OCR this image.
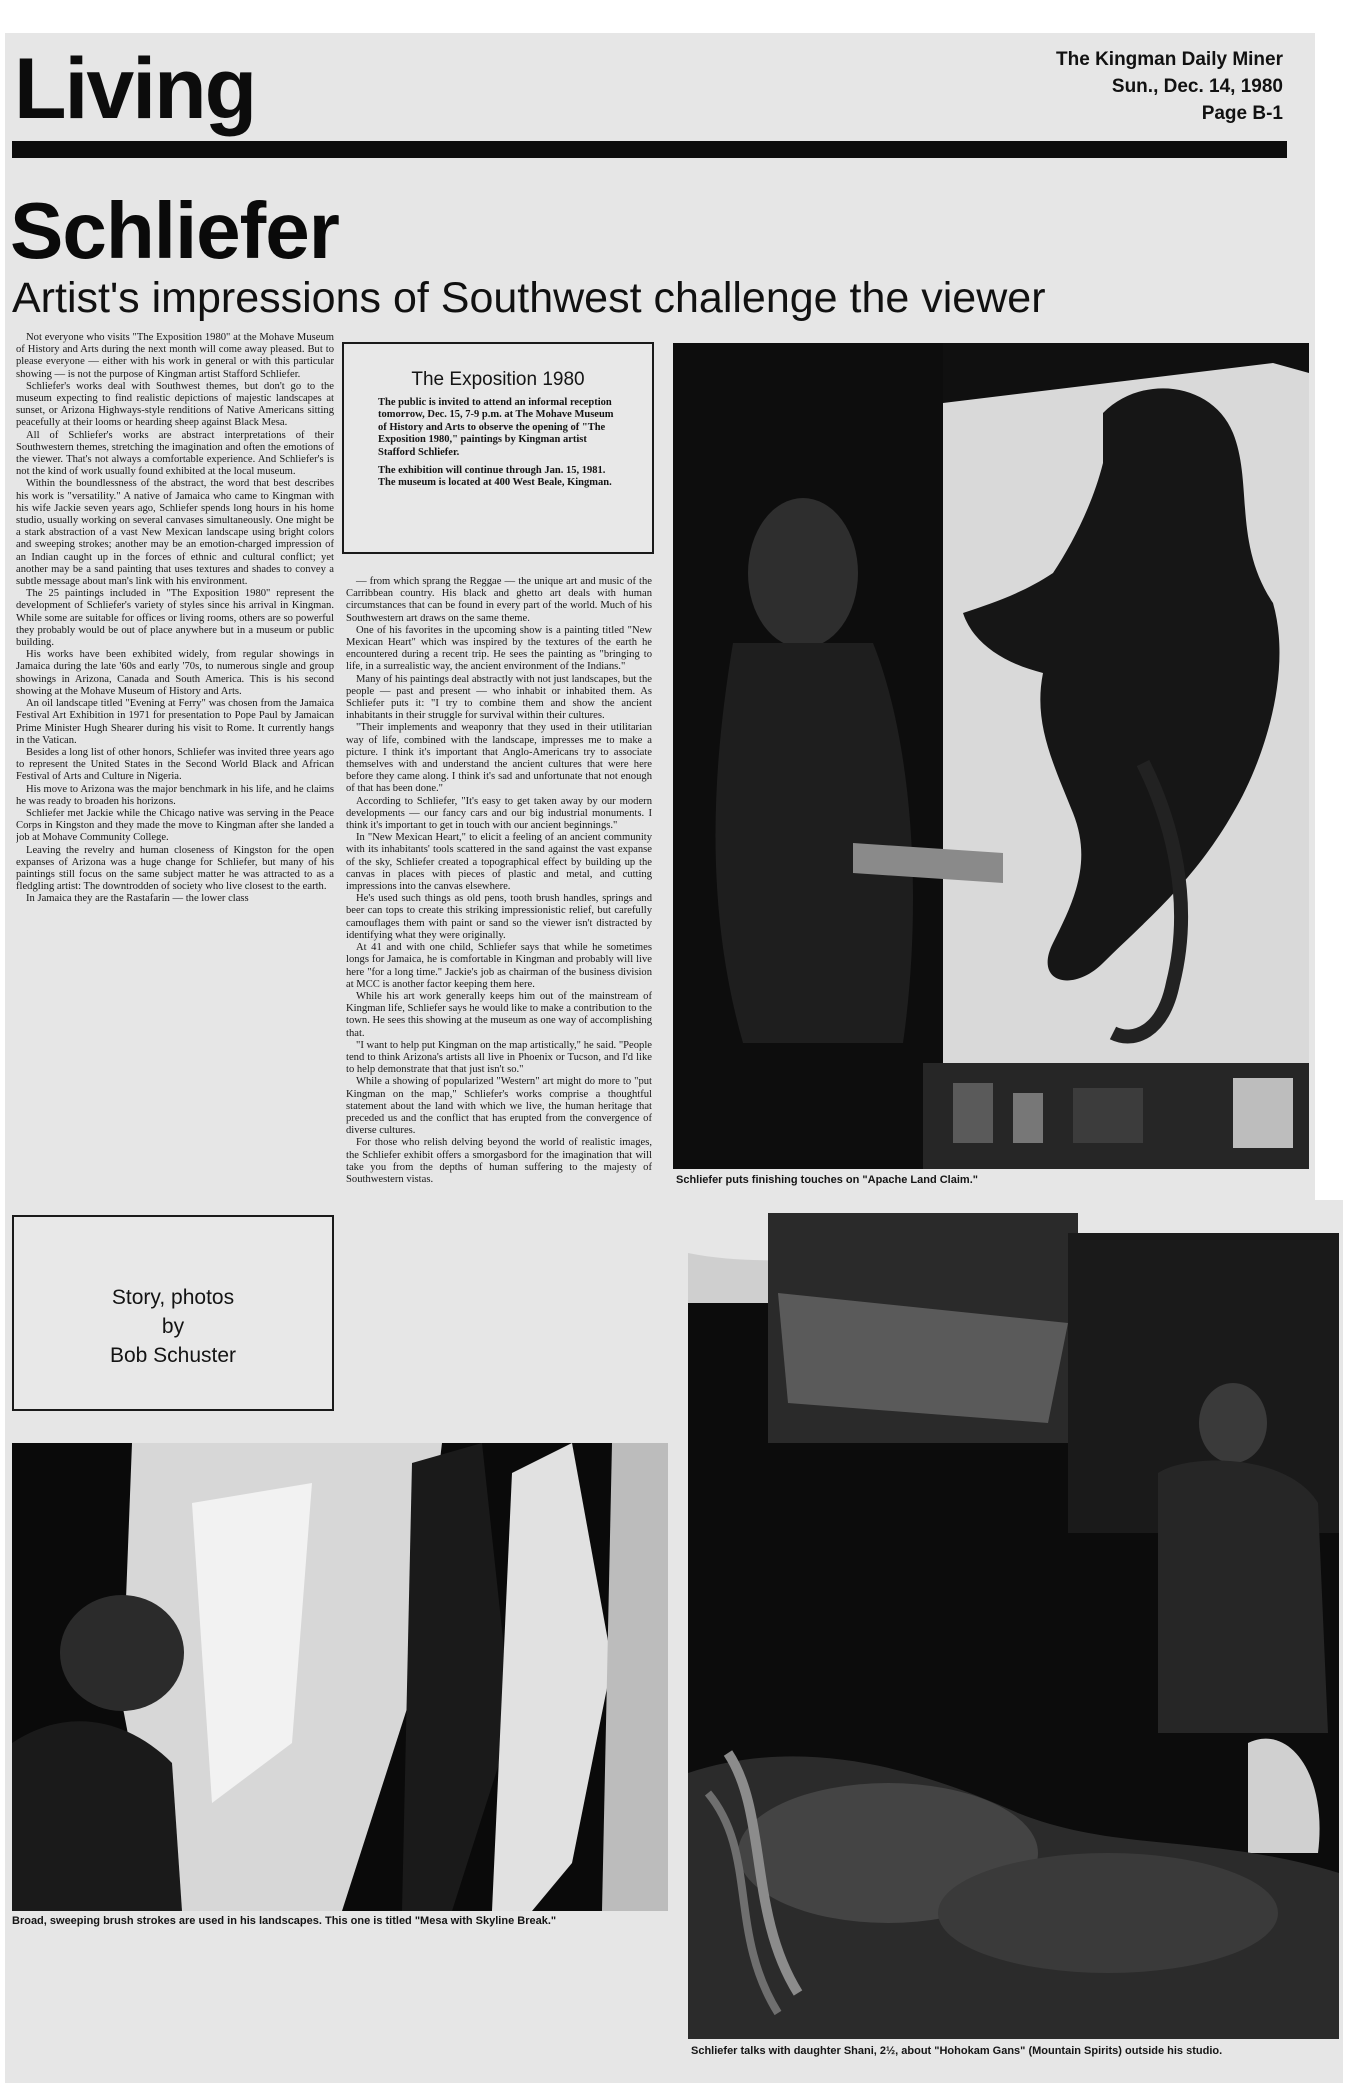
Living	The Kingman Daily Miner
Sun., Dec. 14, 1980
Page B-1
Schliefer
Artist's impressions of Southwest challenge the viewer

Not everyone who visits "The Exposition 1980" at the Mohave Museum of History and Arts during the next month will come away pleased. But to please everyone — either with his work in general or with this particular showing — is not the purpose of Kingman artist Stafford Schliefer.

Schliefer's works deal with Southwest themes, but don't go to the museum expecting to find realistic depictions of majestic landscapes at sunset, or Arizona Highways-style renditions of Native Americans sitting peacefully at their looms or hearding sheep against Black Mesa.

All of Schliefer's works are abstract interpretations of their Southwestern themes, stretching the imagination and often the emotions of the viewer. That's not always a comfortable experience. And Schliefer's is not the kind of work usually found exhibited at the local museum.

Within the boundlessness of the abstract, the word that best describes his work is "versatility." A native of Jamaica who came to Kingman with his wife Jackie seven years ago, Schliefer spends long hours in his home studio, usually working on several canvases simultaneously. One might be a stark abstraction of a vast New Mexican landscape using bright colors and sweeping strokes; another may be an emotion-charged impression of an Indian caught up in the forces of ethnic and cultural conflict; yet another may be a sand painting that uses textures and shades to convey a subtle message about man's link with his environment.

The 25 paintings included in "The Exposition 1980" represent the development of Schliefer's variety of styles since his arrival in Kingman. While some are suitable for offices or living rooms, others are so powerful they probably would be out of place anywhere but in a museum or public building.

His works have been exhibited widely, from regular showings in Jamaica during the late '60s and early '70s, to numerous single and group showings in Arizona, Canada and South America. This is his second showing at the Mohave Museum of History and Arts.

An oil landscape titled "Evening at Ferry" was chosen from the Jamaica Festival Art Exhibition in 1971 for presentation to Pope Paul by Jamaican Prime Minister Hugh Shearer during his visit to Rome. It currently hangs in the Vatican.

Besides a long list of other honors, Schliefer was invited three years ago to represent the United States in the Second World Black and African Festival of Arts and Culture in Nigeria.

His move to Arizona was the major benchmark in his life, and he claims he was ready to broaden his horizons.

Schliefer met Jackie while the Chicago native was serving in the Peace Corps in Kingston and they made the move to Kingman after she landed a job at Mohave Community College.

Leaving the revelry and human closeness of Kingston for the open expanses of Arizona was a huge change for Schliefer, but many of his paintings still focus on the same subject matter he was attracted to as a fledgling artist: The downtrodden of society who live closest to the earth.

In Jamaica they are the Rastafarin — the lower class

The Exposition 1980

The public is invited to attend an informal reception tomorrow, Dec. 15, 7-9 p.m. at The Mohave Museum of History and Arts to observe the opening of "The Exposition 1980," paintings by Kingman artist Stafford Schliefer.

The exhibition will continue through Jan. 15, 1981. The museum is located at 400 West Beale, Kingman.

— from which sprang the Reggae — the unique art and music of the Carribbean country. His black and ghetto art deals with human circumstances that can be found in every part of the world. Much of his Southwestern art draws on the same theme.

One of his favorites in the upcoming show is a painting titled "New Mexican Heart" which was inspired by the textures of the earth he encountered during a recent trip. He sees the painting as "bringing to life, in a surrealistic way, the ancient environment of the Indians."

Many of his paintings deal abstractly with not just landscapes, but the people — past and present — who inhabit or inhabited them. As Schliefer puts it: "I try to combine them and show the ancient inhabitants in their struggle for survival within their cultures.

"Their implements and weaponry that they used in their utilitarian way of life, combined with the landscape, impresses me to make a picture. I think it's important that Anglo-Americans try to associate themselves with and understand the ancient cultures that were here before they came along. I think it's sad and unfortunate that not enough of that has been done."

According to Schliefer, "It's easy to get taken away by our modern developments — our fancy cars and our big industrial monuments. I think it's important to get in touch with our ancient beginnings."

In "New Mexican Heart," to elicit a feeling of an ancient community with its inhabitants' tools scattered in the sand against the vast expanse of the sky, Schliefer created a topographical effect by building up the canvas in places with pieces of plastic and metal, and cutting impressions into the canvas elsewhere.

He's used such things as old pens, tooth brush handles, springs and beer can tops to create this striking impressionistic relief, but carefully camouflages them with paint or sand so the viewer isn't distracted by identifying what they were originally.

At 41 and with one child, Schliefer says that while he sometimes longs for Jamaica, he is comfortable in Kingman and probably will live here "for a long time." Jackie's job as chairman of the business division at MCC is another factor keeping them here.

While his art work generally keeps him out of the mainstream of Kingman life, Schliefer says he would like to make a contribution to the town. He sees this showing at the museum as one way of accomplishing that.

"I want to help put Kingman on the map artistically," he said. "People tend to think Arizona's artists all live in Phoenix or Tucson, and I'd like to help demonstrate that that just isn't so."

While a showing of popularized "Western" art might do more to "put Kingman on the map," Schliefer's works comprise a thoughtful statement about the land with which we live, the human heritage that preceded us and the conflict that has erupted from the convergence of diverse cultures.

For those who relish delving beyond the world of realistic images, the Schliefer exhibit offers a smorgasbord for the imagination that will take you from the depths of human suffering to the majesty of Southwestern vistas.	Schliefer puts finishing touches on "Apache Land Claim."
Story, photos
by
Bob Schuster
Broad, sweeping brush strokes are used in his landscapes. This one is titled "Mesa with Skyline Break."
Schliefer talks with daughter Shani, 2½, about "Hohokam Gans" (Mountain Spirits) outside his studio.
